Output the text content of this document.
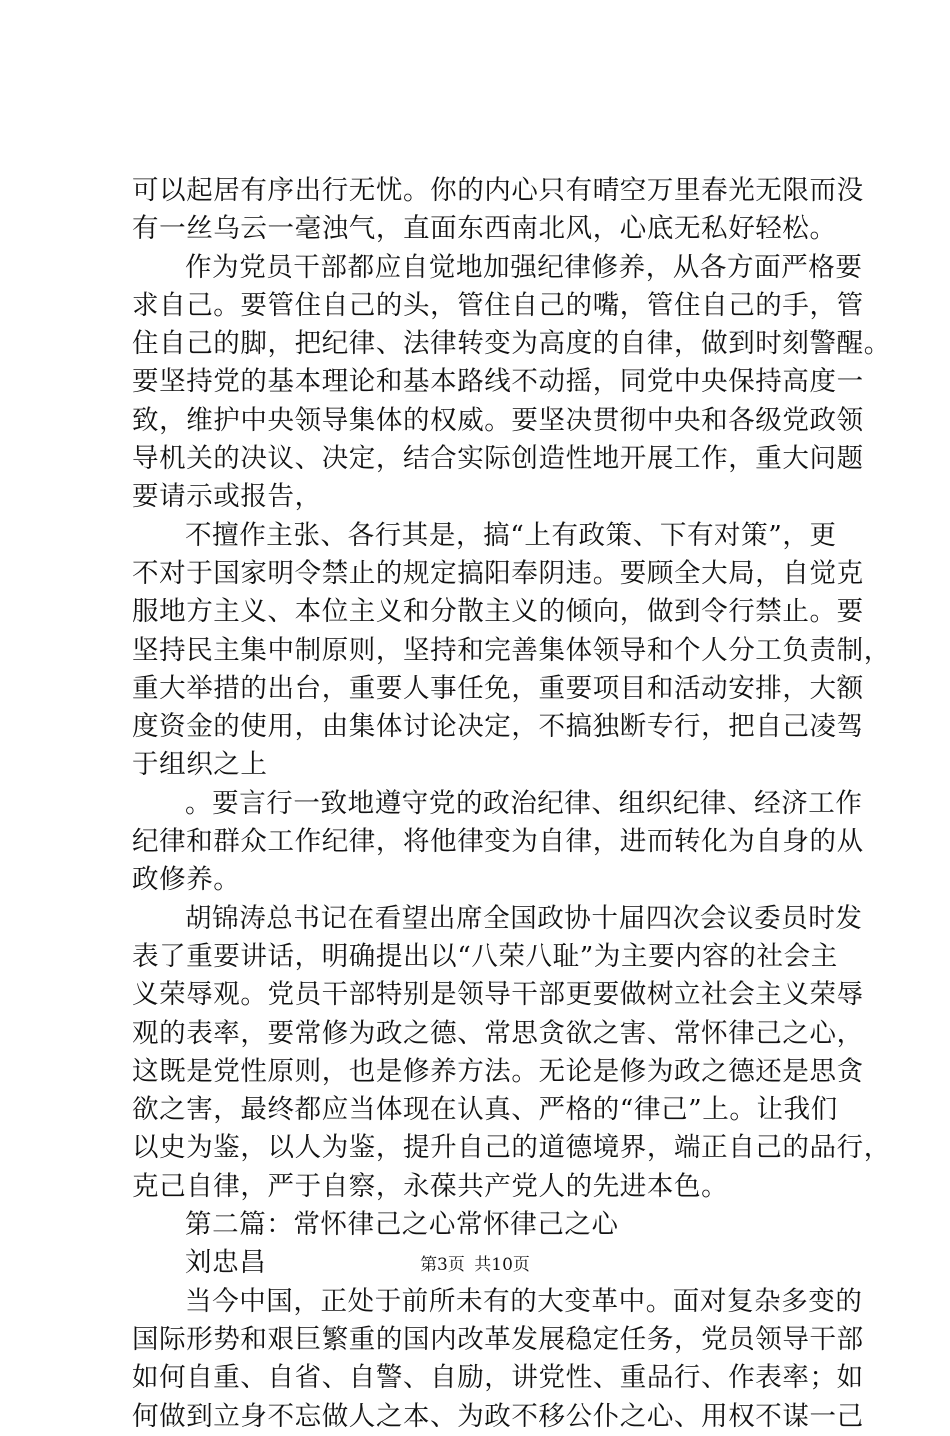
可以起居有序出行无忧。你的内心只有晴空万里春光无限而没
有一丝乌云一毫浊气，直面东西南北风，心底无私好轻松。

作为党员干部都应自觉地加强纪律修养，从各方面严格要
求自己。要管住自己的头，管住自己的嘴，管住自己的手，管
住自己的脚，把纪律、法律转变为高度的自律，做到时刻警醒。
要坚持党的基本理论和基本路线不动摇，同党中央保持高度一
致，维护中央领导集体的权威。要坚决贯彻中央和各级党政领
导机关的决议、决定，结合实际创造性地开展工作，重大问题
要请示或报告，

不擅作主张、各行其是，搞“上有政策、下有对策”，更
不对于国家明令禁止的规定搞阳奉阴违。要顾全大局，自觉克
服地方主义、本位主义和分散主义的倾向，做到令行禁止。要
坚持民主集中制原则，坚持和完善集体领导和个人分工负责制，
重大举措的出台，重要人事任免，重要项目和活动安排，大额
度资金的使用，由集体讨论决定，不搞独断专行，把自己凌驾
于组织之上

。要言行一致地遵守党的政治纪律、组织纪律、经济工作
纪律和群众工作纪律，将他律变为自律，进而转化为自身的从
政修养。

胡锦涛总书记在看望出席全国政协十届四次会议委员时发
表了重要讲话，明确提出以“八荣八耻”为主要内容的社会主
义荣辱观。党员干部特别是领导干部更要做树立社会主义荣辱
观的表率，要常修为政之德、常思贪欲之害、常怀律己之心，
这既是党性原则，也是修养方法。无论是修为政之德还是思贪
欲之害，最终都应当体现在认真、严格的“律己”上。让我们
以史为鉴，以人为鉴，提升自己的道德境界，端正自己的品行，
克己自律，严于自察，永葆共产党人的先进本色。

第二篇：常怀律己之心常怀律己之心

刘忠昌

当今中国，正处于前所未有的大变革中。面对复杂多变的
国际形势和艰巨繁重的国内改革发展稳定任务，党员领导干部
如何自重、自省、自警、自励，讲党性、重品行、作表率；如
何做到立身不忘做人之本、为政不移公仆之心、用权不谋一己

第3页 共10页
